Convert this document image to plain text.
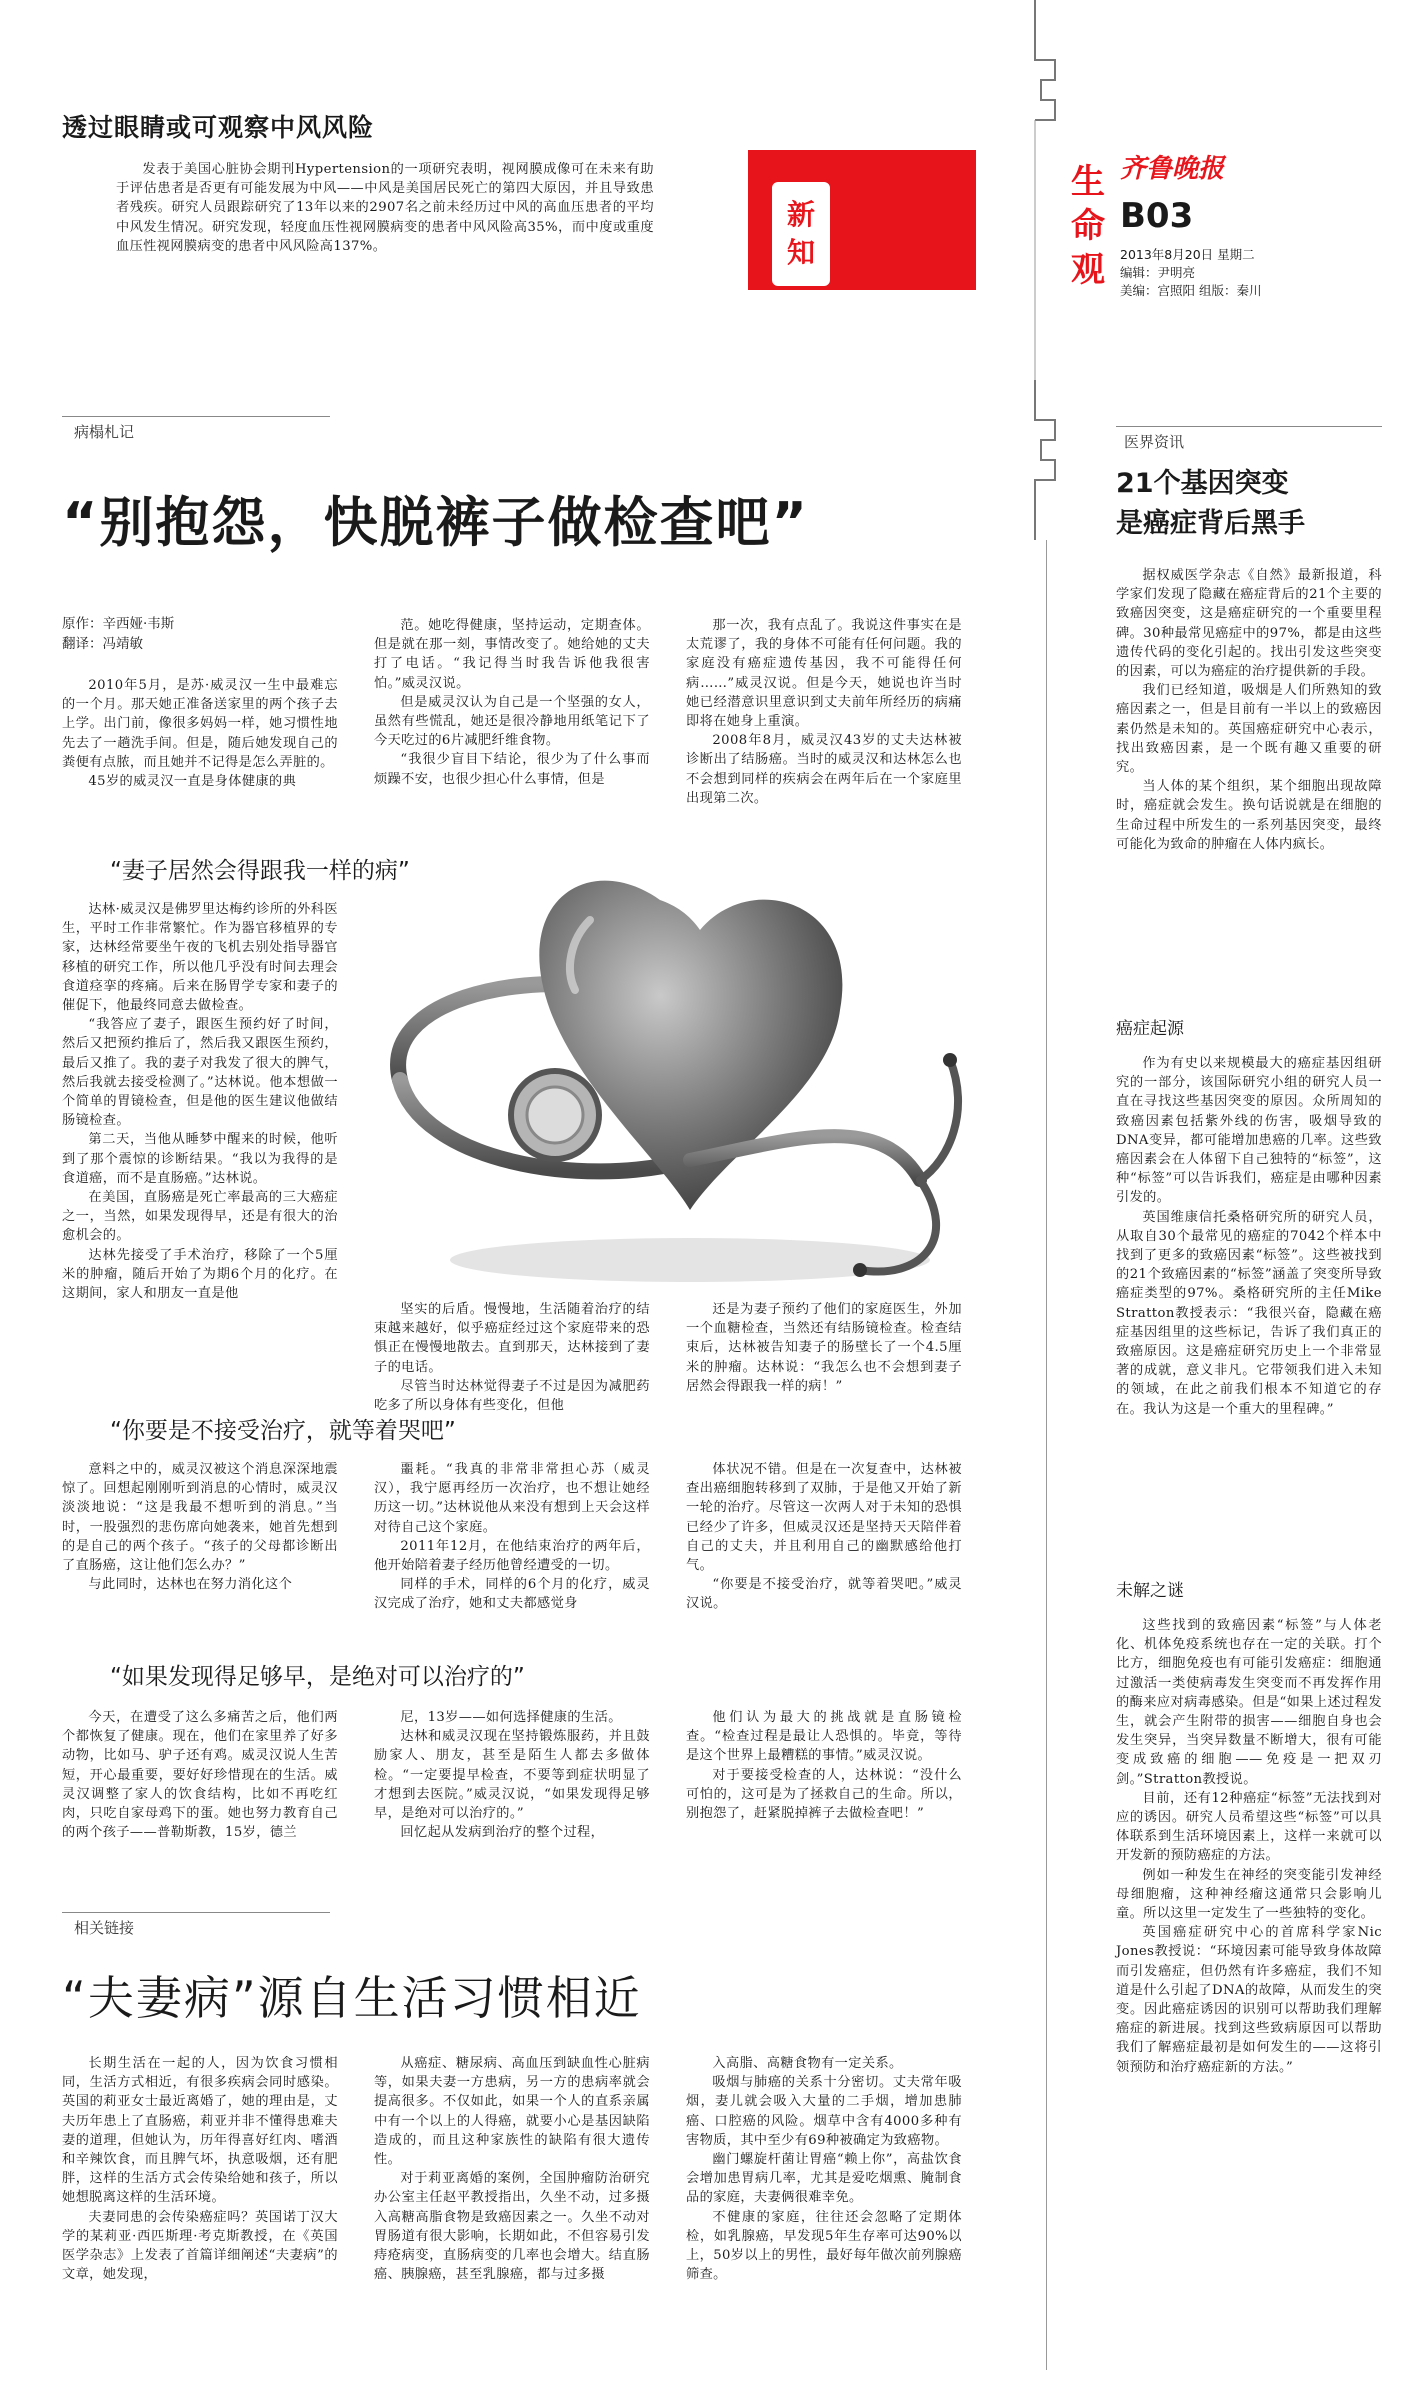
透过眼睛或可观察中风风险

发表于美国心脏协会期刊Hypertension的一项研究表明，视网膜成像可在未来有助于评估患者是否更有可能发展为中风——中风是美国居民死亡的第四大原因，并且导致患者残疾。研究人员跟踪研究了13年以来的2907名之前未经历过中风的高血压患者的平均中风发生情况。研究发现，轻度血压性视网膜病变的患者中风风险高35%，而中度或重度血压性视网膜病变的患者中风风险高137%。

新知
生命观
齐鲁晚报
B03
2013年8月20日 星期二
编辑：尹明亮
美编：宫照阳 组版：秦川
病榻札记
“别抱怨，快脱裤子做检查吧”
原作：辛西娅·韦斯
翻译：冯靖敏

2010年5月，是苏·威灵汉一生中最难忘的一个月。那天她正准备送家里的两个孩子去上学。出门前，像很多妈妈一样，她习惯性地先去了一趟洗手间。但是，随后她发现自己的粪便有点脓，而且她并不记得是怎么弄脏的。

45岁的威灵汉一直是身体健康的典

范。她吃得健康，坚持运动，定期查体。但是就在那一刻，事情改变了。她给她的丈夫打了电话。“我记得当时我告诉他我很害怕。”威灵汉说。

但是威灵汉认为自己是一个坚强的女人，虽然有些慌乱，她还是很冷静地用纸笔记下了今天吃过的6片减肥纤维食物。

“我很少盲目下结论，很少为了什么事而烦躁不安，也很少担心什么事情，但是

那一次，我有点乱了。我说这件事实在是太荒谬了，我的身体不可能有任何问题。我的家庭没有癌症遗传基因，我不可能得任何病……”威灵汉说。但是今天，她说也许当时她已经潜意识里意识到丈夫前年所经历的病痛即将在她身上重演。

2008年8月，威灵汉43岁的丈夫达林被诊断出了结肠癌。当时的威灵汉和达林怎么也不会想到同样的疾病会在两年后在一个家庭里出现第二次。

“妻子居然会得跟我一样的病”

达林·威灵汉是佛罗里达梅约诊所的外科医生，平时工作非常繁忙。作为器官移植界的专家，达林经常要坐午夜的飞机去别处指导器官移植的研究工作，所以他几乎没有时间去理会食道痉挛的疼痛。后来在肠胃学专家和妻子的催促下，他最终同意去做检查。

“我答应了妻子，跟医生预约好了时间，然后又把预约推后了，然后我又跟医生预约，最后又推了。我的妻子对我发了很大的脾气，然后我就去接受检测了。”达林说。他本想做一个简单的胃镜检查，但是他的医生建议他做结肠镜检查。

第二天，当他从睡梦中醒来的时候，他听到了那个震惊的诊断结果。“我以为我得的是食道癌，而不是直肠癌。”达林说。

在美国，直肠癌是死亡率最高的三大癌症之一，当然，如果发现得早，还是有很大的治愈机会的。

达林先接受了手术治疗，移除了一个5厘米的肿瘤，随后开始了为期6个月的化疗。在这期间，家人和朋友一直是他

坚实的后盾。慢慢地，生活随着治疗的结束越来越好，似乎癌症经过这个家庭带来的恐惧正在慢慢地散去。直到那天，达林接到了妻子的电话。

尽管当时达林觉得妻子不过是因为减肥药吃多了所以身体有些变化，但他

还是为妻子预约了他们的家庭医生，外加一个血糖检查，当然还有结肠镜检查。检查结束后，达林被告知妻子的肠壁长了一个4.5厘米的肿瘤。达林说：“我怎么也不会想到妻子居然会得跟我一样的病！”

“你要是不接受治疗，就等着哭吧”

意料之中的，威灵汉被这个消息深深地震惊了。回想起刚刚听到消息的心情时，威灵汉淡淡地说：“这是我最不想听到的消息。”当时，一股强烈的悲伤席向她袭来，她首先想到的是自己的两个孩子。“孩子的父母都诊断出了直肠癌，这让他们怎么办？”

与此同时，达林也在努力消化这个

噩耗。“我真的非常非常担心苏（威灵汉），我宁愿再经历一次治疗，也不想让她经历这一切。”达林说他从来没有想到上天会这样对待自己这个家庭。

2011年12月，在他结束治疗的两年后，他开始陪着妻子经历他曾经遭受的一切。

同样的手术，同样的6个月的化疗，威灵汉完成了治疗，她和丈夫都感觉身

体状况不错。但是在一次复查中，达林被查出癌细胞转移到了双肺，于是他又开始了新一轮的治疗。尽管这一次两人对于未知的恐惧已经少了许多，但威灵汉还是坚持天天陪伴着自己的丈夫，并且利用自己的幽默感给他打气。

“你要是不接受治疗，就等着哭吧。”威灵汉说。

“如果发现得足够早，是绝对可以治疗的”

今天，在遭受了这么多痛苦之后，他们两个都恢复了健康。现在，他们在家里养了好多动物，比如马、驴子还有鸡。威灵汉说人生苦短，开心最重要，要好好珍惜现在的生活。威灵汉调整了家人的饮食结构，比如不再吃红肉，只吃自家母鸡下的蛋。她也努力教育自己的两个孩子——普勒斯教，15岁，德兰

尼，13岁——如何选择健康的生活。

达林和威灵汉现在坚持锻炼服药，并且鼓励家人、朋友，甚至是陌生人都去多做体检。“一定要提早检查，不要等到症状明显了才想到去医院。”威灵汉说，“如果发现得足够早，是绝对可以治疗的。”

回忆起从发病到治疗的整个过程，

他们认为最大的挑战就是直肠镜检查。“检查过程是最让人恐惧的。毕竟，等待是这个世界上最糟糕的事情。”威灵汉说。

对于要接受检查的人，达林说：“没什么可怕的，这可是为了拯救自己的生命。所以，别抱怨了，赶紧脱掉裤子去做检查吧！”

相关链接
“夫妻病”源自生活习惯相近

长期生活在一起的人，因为饮食习惯相同，生活方式相近，有很多疾病会同时感染。英国的莉亚女士最近离婚了，她的理由是，丈夫历年患上了直肠癌，莉亚并非不懂得患难夫妻的道理，但她认为，历年得喜好红肉、嗜酒和辛辣饮食，而且脾气坏，执意吸烟，还有肥胖，这样的生活方式会传染给她和孩子，所以她想脱离这样的生活环境。

夫妻同患的会传染癌症吗？英国诺丁汉大学的某莉亚·西匹斯理·考克斯教授，在《英国医学杂志》上发表了首篇详细阐述“夫妻病”的文章，她发现，

从癌症、糖尿病、高血压到缺血性心脏病等，如果夫妻一方患病，另一方的患病率就会提高很多。不仅如此，如果一个人的直系亲属中有一个以上的人得癌，就要小心是基因缺陷造成的，而且这种家族性的缺陷有很大遗传性。

对于莉亚离婚的案例，全国肿瘤防治研究办公室主任赵平教授指出，久坐不动，过多摄入高糖高脂食物是致癌因素之一。久坐不动对胃肠道有很大影响，长期如此，不但容易引发痔疮病变，直肠病变的几率也会增大。结直肠癌、胰腺癌，甚至乳腺癌，都与过多摄

入高脂、高糖食物有一定关系。

吸烟与肺癌的关系十分密切。丈夫常年吸烟，妻儿就会吸入大量的二手烟，增加患肺癌、口腔癌的风险。烟草中含有4000多种有害物质，其中至少有69种被确定为致癌物。

幽门螺旋杆菌让胃癌“赖上你”，高盐饮食会增加患胃病几率，尤其是爱吃烟熏、腌制食品的家庭，夫妻俩很难幸免。

不健康的家庭，往往还会忽略了定期体检，如乳腺癌，早发现5年生存率可达90%以上，50岁以上的男性，最好每年做次前列腺癌筛查。

医界资讯
21个基因突变
是癌症背后黑手

据权威医学杂志《自然》最新报道，科学家们发现了隐藏在癌症背后的21个主要的致癌因突变，这是癌症研究的一个重要里程碑。30种最常见癌症中的97%，都是由这些遗传代码的变化引起的。找出引发这些突变的因素，可以为癌症的治疗提供新的手段。

我们已经知道，吸烟是人们所熟知的致癌因素之一，但是目前有一半以上的致癌因素仍然是未知的。英国癌症研究中心表示，找出致癌因素，是一个既有趣又重要的研究。

当人体的某个组织，某个细胞出现故障时，癌症就会发生。换句话说就是在细胞的生命过程中所发生的一系列基因突变，最终可能化为致命的肿瘤在人体内疯长。

癌症起源

作为有史以来规模最大的癌症基因组研究的一部分，该国际研究小组的研究人员一直在寻找这些基因突变的原因。众所周知的致癌因素包括紫外线的伤害，吸烟导致的DNA变异，都可能增加患癌的几率。这些致癌因素会在人体留下自己独特的“标签”，这种“标签”可以告诉我们，癌症是由哪种因素引发的。

英国维康信托桑格研究所的研究人员，从取自30个最常见的癌症的7042个样本中找到了更多的致癌因素“标签”。这些被找到的21个致癌因素的“标签”涵盖了突变所导致癌症类型的97%。桑格研究所的主任Mike Stratton教授表示：“我很兴奋，隐藏在癌症基因组里的这些标记，告诉了我们真正的致癌原因。这是癌症研究历史上一个非常显著的成就，意义非凡。它带领我们进入未知的领域，在此之前我们根本不知道它的存在。我认为这是一个重大的里程碑。”

未解之谜

这些找到的致癌因素“标签”与人体老化、机体免疫系统也存在一定的关联。打个比方，细胞免疫也有可能引发癌症：细胞通过激活一类使病毒发生突变而不再发挥作用的酶来应对病毒感染。但是“如果上述过程发生，就会产生附带的损害——细胞自身也会发生突异，当突异数量不断增大，很有可能变成致癌的细胞——免疫是一把双刃剑。”Stratton教授说。

目前，还有12种癌症“标签”无法找到对应的诱因。研究人员希望这些“标签”可以具体联系到生活环境因素上，这样一来就可以开发新的预防癌症的方法。

例如一种发生在神经的突变能引发神经母细胞瘤，这种神经瘤这通常只会影响儿童。所以这里一定发生了一些独特的变化。

英国癌症研究中心的首席科学家Nic Jones教授说：“环境因素可能导致身体故障而引发癌症，但仍然有许多癌症，我们不知道是什么引起了DNA的故障，从而发生的突变。因此癌症诱因的识别可以帮助我们理解癌症的新进展。找到这些致病原因可以帮助我们了解癌症最初是如何发生的——这将引领预防和治疗癌症新的方法。”
